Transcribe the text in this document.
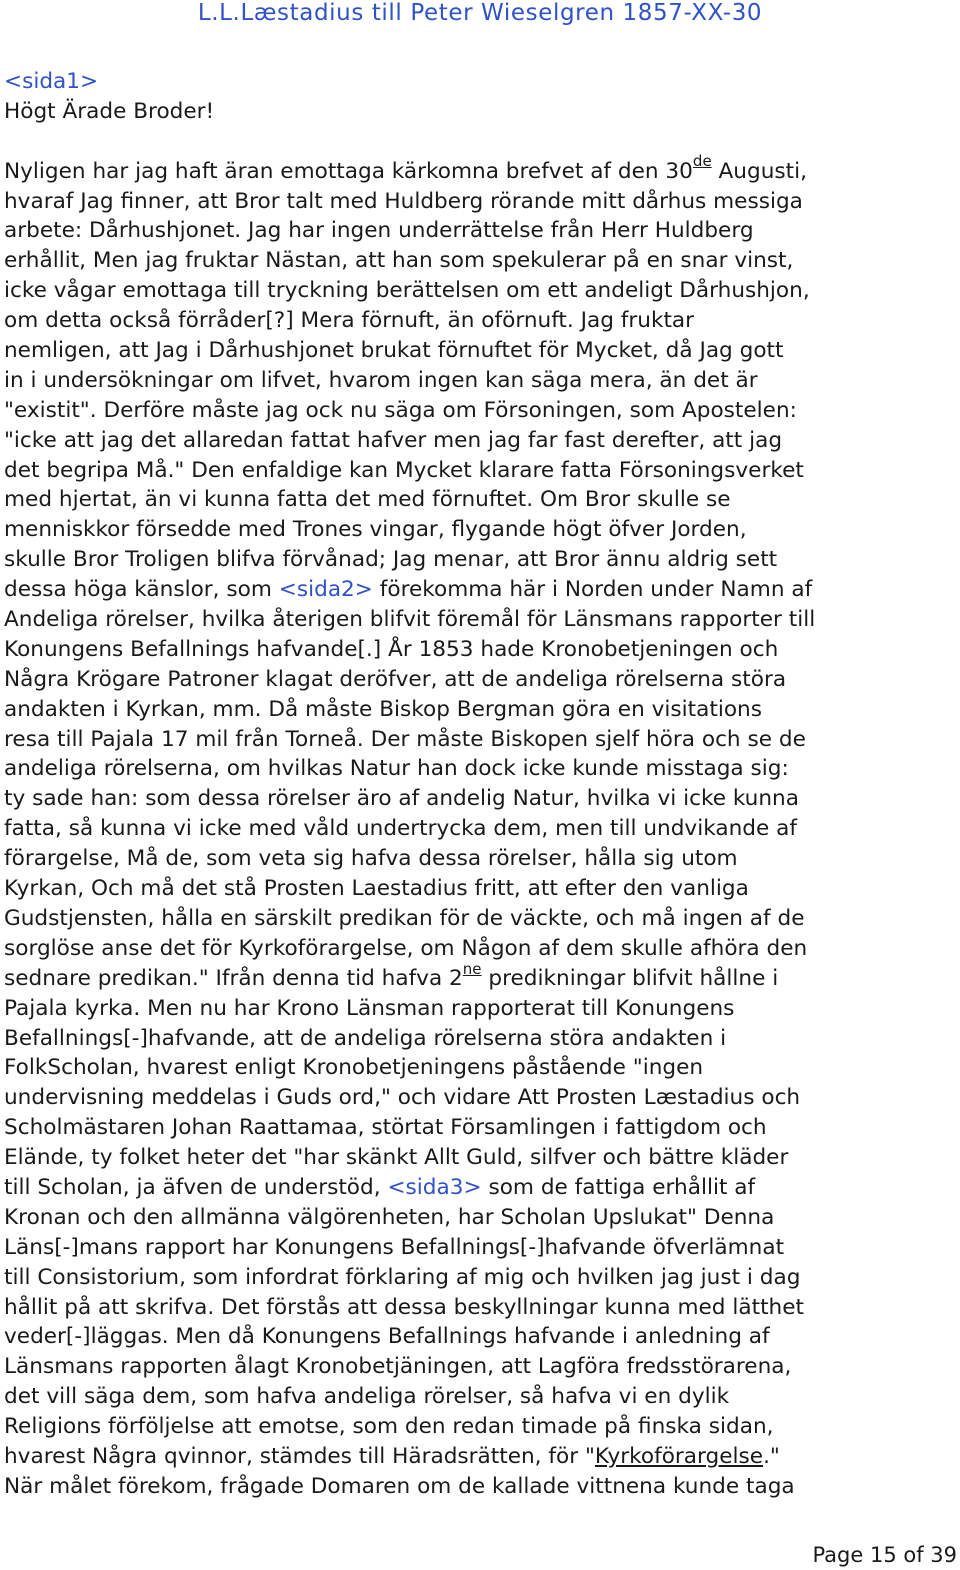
L.L.Læstadius till Peter Wieselgren 1857-XX-30
<sida1>
Högt Ärade Broder!
Nyligen har jag haft äran emottaga kärkomna brefvet af den 30de Augusti,
hvaraf Jag finner, att Bror talt med Huldberg rörande mitt dårhus messiga
arbete: Dårhushjonet. Jag har ingen underrättelse från Herr Huldberg
erhållit, Men jag fruktar Nästan, att han som spekulerar på en snar vinst,
icke vågar emottaga till tryckning berättelsen om ett andeligt Dårhushjon,
om detta också förråder[?] Mera förnuft, än oförnuft. Jag fruktar
nemligen, att Jag i Dårhushjonet brukat förnuftet för Mycket, då Jag gott
in i undersökningar om lifvet, hvarom ingen kan säga mera, än det är
"existit". Derföre måste jag ock nu säga om Försoningen, som Apostelen:
"icke att jag det allaredan fattat hafver men jag far fast derefter, att jag
det begripa Må." Den enfaldige kan Mycket klarare fatta Försoningsverket
med hjertat, än vi kunna fatta det med förnuftet. Om Bror skulle se
menniskkor försedde med Trones vingar, flygande högt öfver Jorden,
skulle Bror Troligen blifva förvånad; Jag menar, att Bror ännu aldrig sett
dessa höga känslor, som <sida2> förekomma här i Norden under Namn af
Andeliga rörelser, hvilka återigen blifvit föremål för Länsmans rapporter till
Konungens Befallnings hafvande[.] År 1853 hade Kronobetjeningen och
Några Krögare Patroner klagat deröfver, att de andeliga rörelserna störa
andakten i Kyrkan, mm. Då måste Biskop Bergman göra en visitations
resa till Pajala 17 mil från Torneå. Der måste Biskopen sjelf höra och se de
andeliga rörelserna, om hvilkas Natur han dock icke kunde misstaga sig:
ty sade han: som dessa rörelser äro af andelig Natur, hvilka vi icke kunna
fatta, så kunna vi icke med våld undertrycka dem, men till undvikande af
förargelse, Må de, som veta sig hafva dessa rörelser, hålla sig utom
Kyrkan, Och må det stå Prosten Laestadius fritt, att efter den vanliga
Gudstjensten, hålla en särskilt predikan för de väckte, och må ingen af de
sorglöse anse det för Kyrkoförargelse, om Någon af dem skulle afhöra den
sednare predikan." Ifrån denna tid hafva $2^{ne}$ predikningar blifvit hållne i
Pajala kyrka. Men nu har Krono Länsman rapporterat till Konungens
Befallnings[-]hafvande, att de andeliga rörelserna störa andakten i
FolkScholan, hvarest enligt Kronobetjeningens påstående "ingen
undervisning meddelas i Guds ord," och vidare Att Prosten Læstadius och
Scholmästaren Johan Raattamaa, störtat Församlingen i fattigdom och
Elände, ty folket heter det "har skänkt Allt Guld, silfver och bättre kläder
till Scholan, ja äfven de understöd, <sida3> som de fattiga erhållit af
Kronan och den allmänna välgörenheten, har Scholan Upslukat" Denna
Läns[-]mans rapport har Konungens Befallnings[-]hafvande öfverlämnat
till Consistorium, som infordrat förklaring af mig och hvilken jag just i dag
hållit på att skrifva. Det förstås att dessa beskyllningar kunna med lätthet
veder[-]läggas. Men då Konungens Befallnings hafvande i anledning af
Länsmans rapporten ålagt Kronobetjäningen, att Lagföra fredsstörarena,
det vill säga dem, som hafva andeliga rörelser, så hafva vi en dylik
Religions förföljelse att emotse, som den redan timade på finska sidan,
hvarest Några qvinnor, stämdes till Häradsrätten, för "Kyrkoförargelse."
När målet förekom, frågade Domaren om de kallade vittnena kunde taga
Page 15 of 39
